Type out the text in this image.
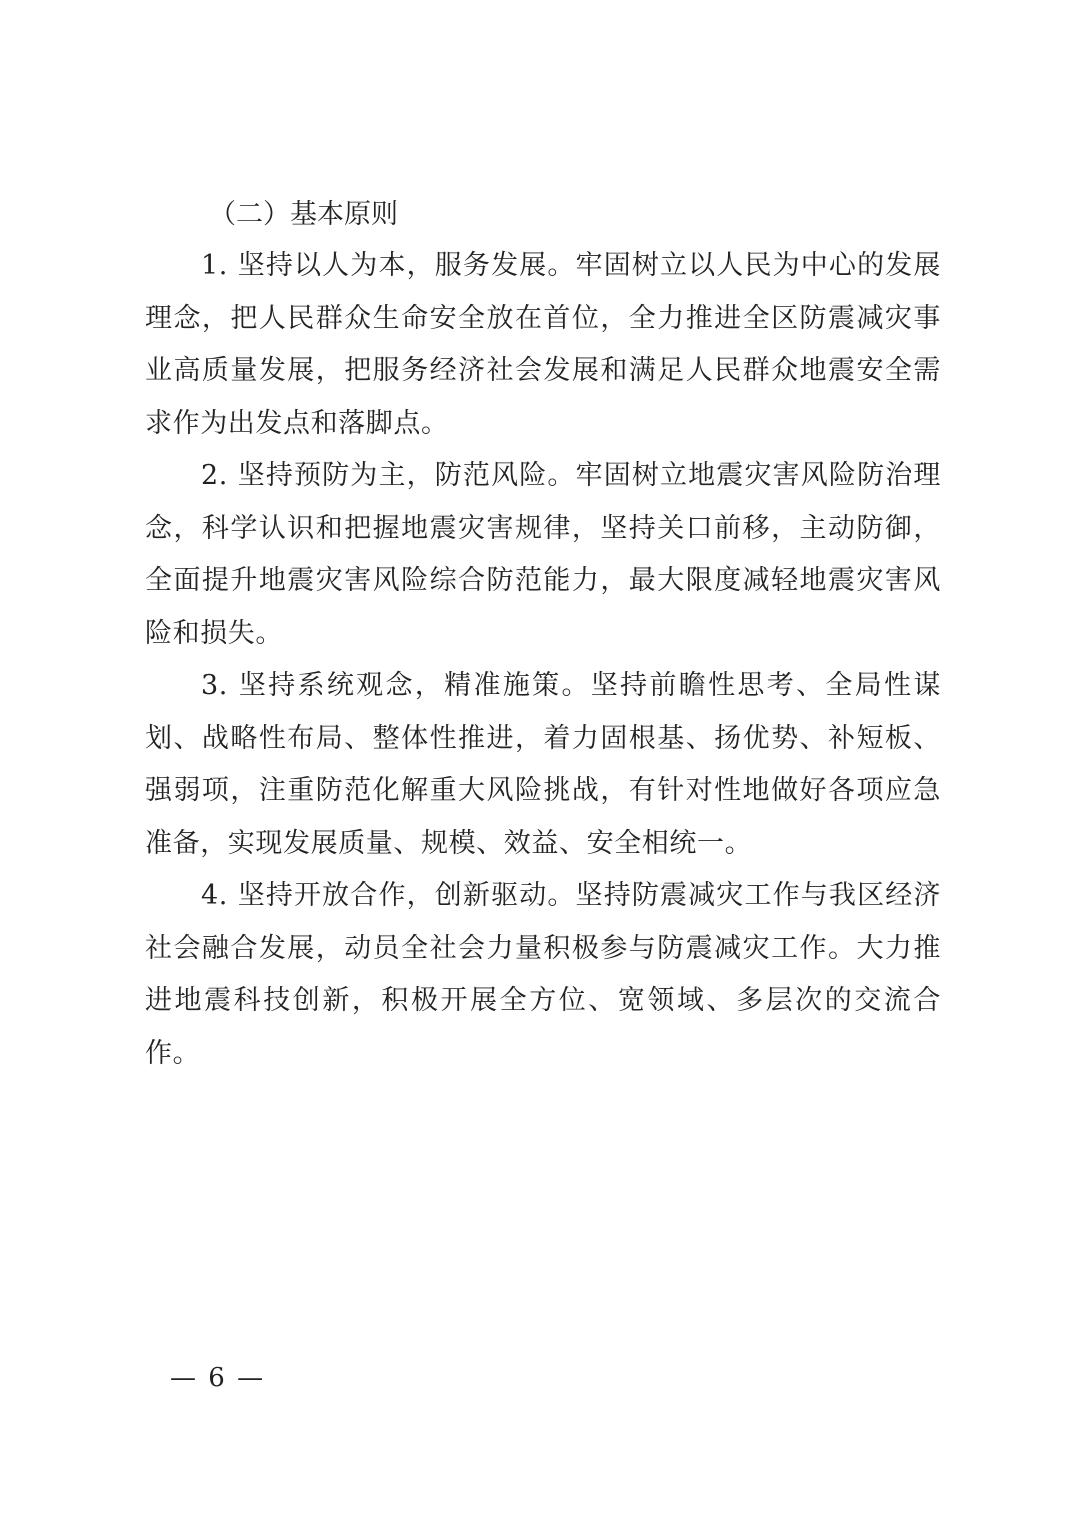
（二）基本原则

1. 坚持以人为本，服务发展。牢固树立以人民为中心的发展理念，把人民群众生命安全放在首位，全力推进全区防震减灾事业高质量发展，把服务经济社会发展和满足人民群众地震安全需求作为出发点和落脚点。

2. 坚持预防为主，防范风险。牢固树立地震灾害风险防治理念，科学认识和把握地震灾害规律，坚持关口前移，主动防御，全面提升地震灾害风险综合防范能力，最大限度减轻地震灾害风险和损失。

3. 坚持系统观念，精准施策。坚持前瞻性思考、全局性谋划、战略性布局、整体性推进，着力固根基、扬优势、补短板、强弱项，注重防范化解重大风险挑战，有针对性地做好各项应急准备，实现发展质量、规模、效益、安全相统一。

4. 坚持开放合作，创新驱动。坚持防震减灾工作与我区经济社会融合发展，动员全社会力量积极参与防震减灾工作。大力推进地震科技创新，积极开展全方位、宽领域、多层次的交流合作。

— 6 —
